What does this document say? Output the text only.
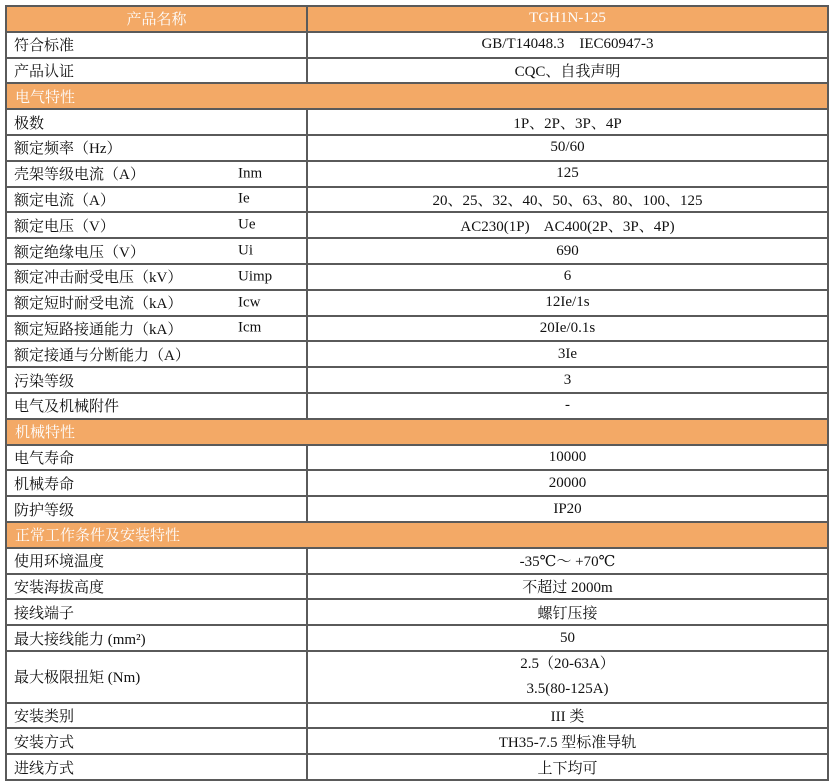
产品名称	TGH1N-125
符合标准	GB/T14048.3    IEC60947-3
产品认证	CQC、自我声明
电气特性	
极数	1P、2P、3P、4P
额定频率（Hz）	50/60
壳架等级电流（A） Inm	125
额定电流（A） Ie	20、25、32、40、50、63、80、100、125
额定电压（V） Ue	AC230(1P)    AC400(2P、3P、4P)
额定绝缘电压（V） Ui	690
额定冲击耐受电压（kV） Uimp	6
额定短时耐受电流（kA） Icw	12Ie/1s
额定短路接通能力（kA） Icm	20Ie/0.1s
额定接通与分断能力（A）	3Ie
污染等级	3
电气及机械附件	-
机械特性	
电气寿命	10000
机械寿命	20000
防护等级	IP20
正常工作条件及安装特性	
使用环境温度	-35℃～ +70℃
安装海拔高度	不超过 2000m
接线端子	螺钉压接
最大接线能力 (mm²)	50
最大极限扭矩 (Nm)	2.5（20-63A）
3.5(80-125A)

安装类别	III 类
安装方式	TH35-7.5 型标准导轨
进线方式	上下均可
